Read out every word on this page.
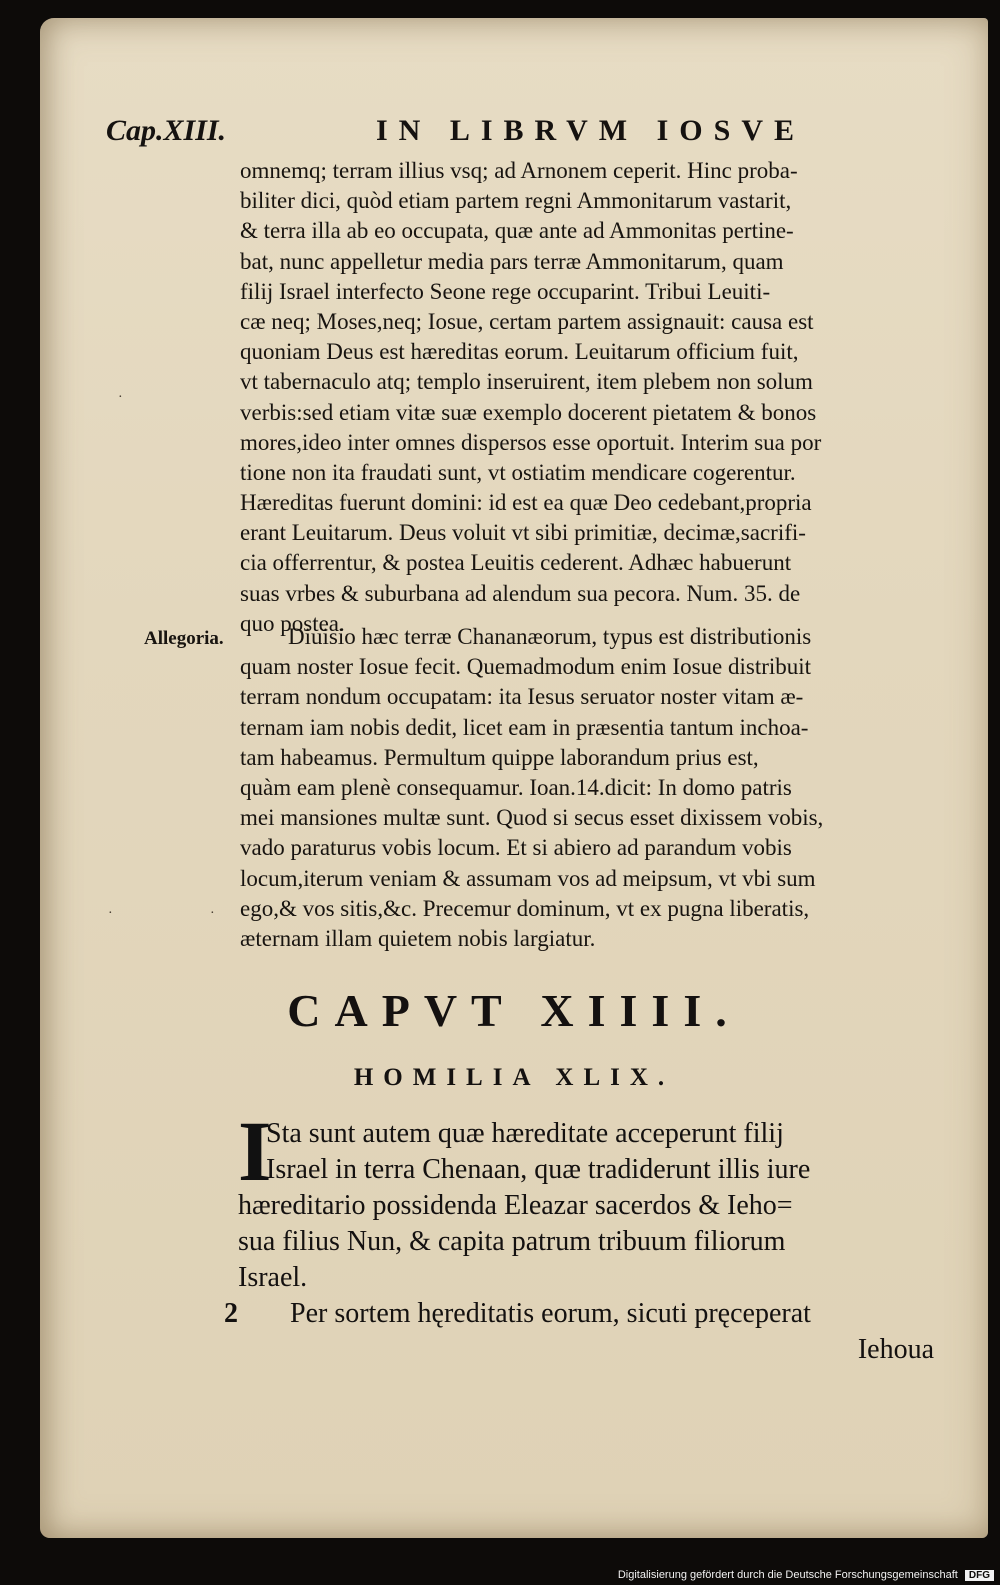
Cap.XIII.	IN LIBRVM IOSVE
omnemq; terram illius vsq; ad Arnonem ceperit. Hinc proba-
biliter dici, quòd etiam partem regni Ammonitarum vastarit,
& terra illa ab eo occupata, quæ ante ad Ammonitas pertine-
bat, nunc appelletur media pars terræ Ammonitarum, quam
filij Israel interfecto Seone rege occuparint. Tribui Leuiti-
cæ neq; Moses,neq; Iosue, certam partem assignauit: causa est
quoniam Deus est hæreditas eorum. Leuitarum officium fuit,
vt tabernaculo atq; templo inseruirent, item plebem non solum
verbis:sed etiam vitæ suæ exemplo docerent pietatem & bonos
mores,ideo inter omnes dispersos esse oportuit. Interim sua por
tione non ita fraudati sunt, vt ostiatim mendicare cogerentur.
Hæreditas fuerunt domini: id est ea quæ Deo cedebant,propria
erant Leuitarum. Deus voluit vt sibi primitiæ, decimæ,sacrifi-
cia offerrentur, & postea Leuitis cederent. Adhæc habuerunt
suas vrbes & suburbana ad alendum sua pecora. Num. 35. de
quo postea.
Allegoria.	Diuisio hæc terræ Chananæorum, typus est distributionis
quam noster Iosue fecit. Quemadmodum enim Iosue distribuit
terram nondum occupatam: ita Iesus seruator noster vitam æ-
ternam iam nobis dedit, licet eam in præsentia tantum inchoa-
tam habeamus. Permultum quippe laborandum prius est,
quàm eam plenè consequamur. Ioan.14.dicit: In domo patris
mei mansiones multæ sunt. Quod si secus esset dixissem vobis,
vado paraturus vobis locum. Et si abiero ad parandum vobis
locum,iterum veniam & assumam vos ad meipsum, vt vbi sum
ego,& vos sitis,&c. Precemur dominum, vt ex pugna liberatis,
æternam illam quietem nobis largiatur.
CAPVT XIIII.
HOMILIA XLIX.
I
Sta sunt autem quæ hæreditate acceperunt filij
Israel in terra Chenaan, quæ tradiderunt illis iure
hæreditario possidenda Eleazar sacerdos & Ieho=
sua filius Nun, & capita patrum tribuum filiorum
Israel.
2 Per sortem hęreditatis eorum, sicuti pręceperat
Iehoua
·
·	·
Digitalisierung gefördert durch die Deutsche Forschungsgemeinschaft DFG
